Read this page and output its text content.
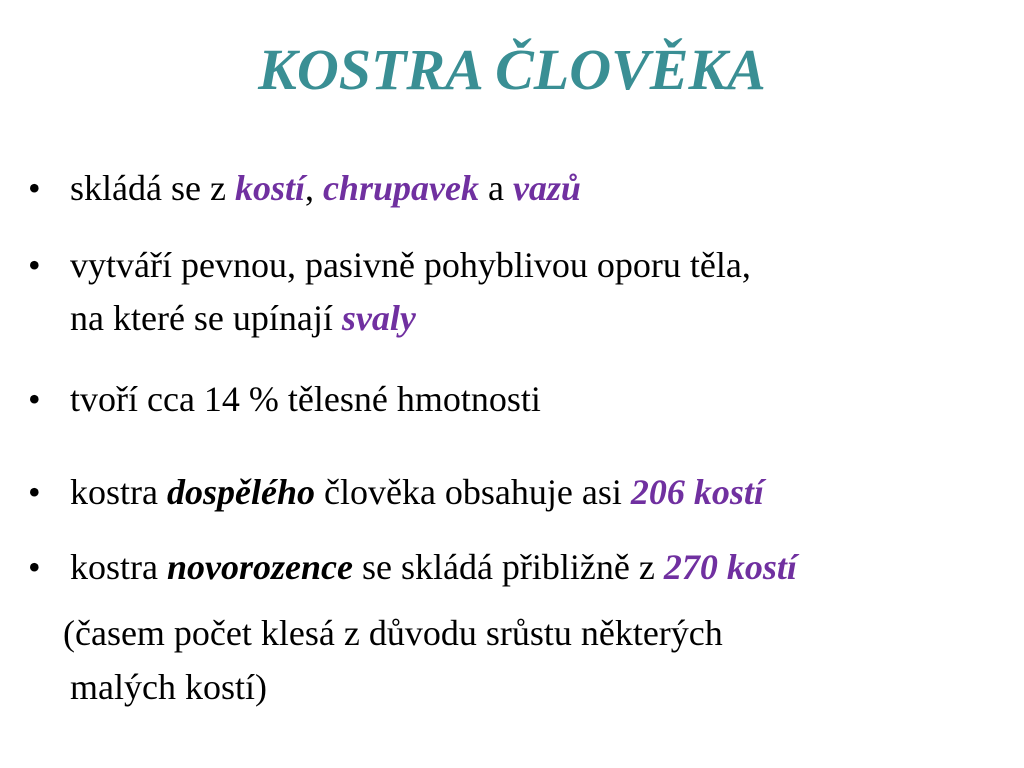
KOSTRA ČLOVĚKA
• skládá se z kostí, chrupavek a vazů
• vytváří pevnou, pasivně pohyblivou oporu těla,
na které se upínají svaly
• tvoří cca 14 % tělesné hmotnosti
• kostra dospělého člověka obsahuje asi 206 kostí
• kostra novorozence se skládá přibližně z 270 kostí
(časem počet klesá z důvodu srůstu některých
malých kostí)
